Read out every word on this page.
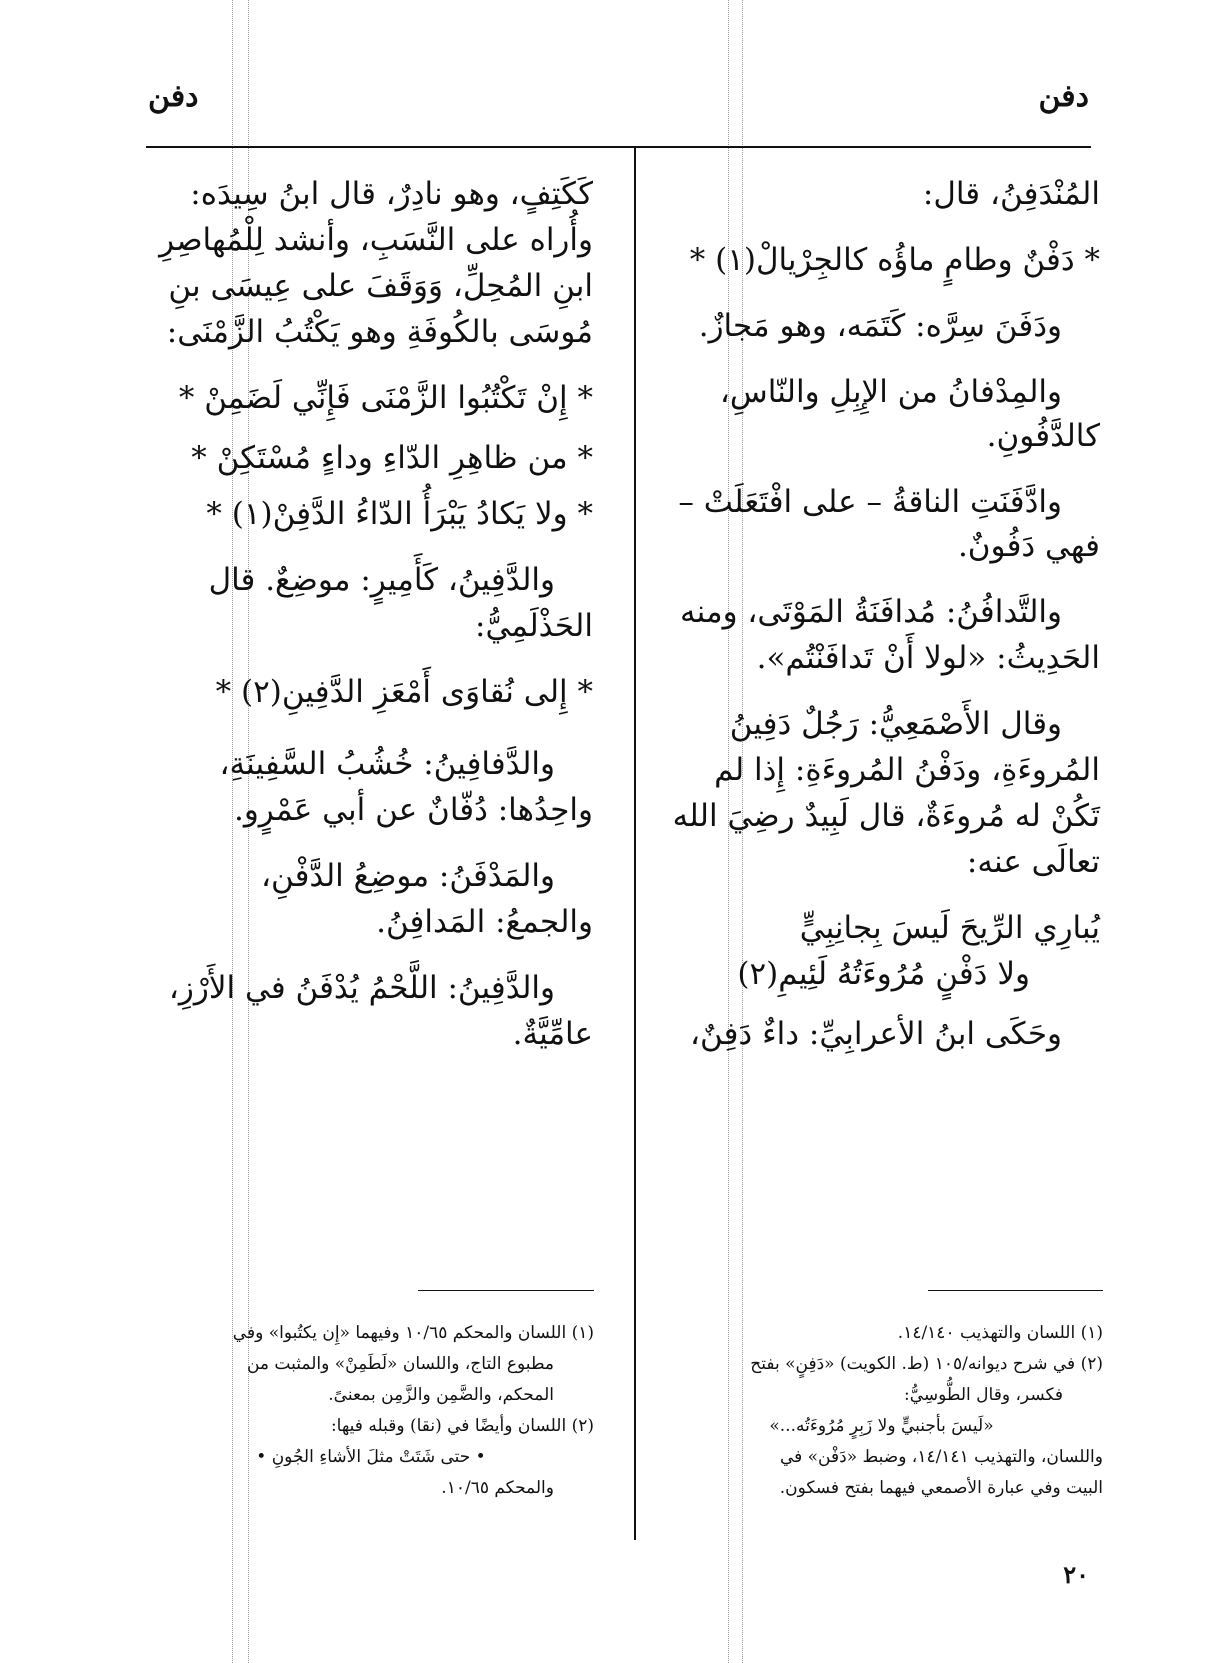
دفن	دفن

المُنْدَفِنُ، قال:

* دَفْنٌ وطامٍ ماؤُه كالجِرْيالْ(١) *

ودَفَنَ سِرَّه: كَتَمَه، وهو مَجازٌ.

والمِدْفانُ من الإِبِلِ والنّاسِ،

كالدَّفُونِ.

وادَّفَنَتِ الناقةُ – على افْتَعَلَتْ –

فهي دَفُونٌ.

والتَّدافُنُ: مُدافَنَةُ المَوْتَى، ومنه

الحَدِيثُ: «لولا أَنْ تَدافَنْتُم».

وقال الأَصْمَعِيُّ: رَجُلٌ دَفِينُ

المُروءَةِ، ودَفْنُ المُروءَةِ: إِذا لم

تَكُنْ له مُروءَةٌ، قال لَبِيدٌ رضِيَ الله

تعالَى عنه:

يُبارِي الرِّيحَ لَيسَ بِجانِبِيٍّ

ولا دَفْنٍ مُرُوءَتُهُ لَئِيمِ(٢)

وحَكَى ابنُ الأعرابِيِّ: داءٌ دَفِنٌ،

كَكَتِفٍ، وهو نادِرٌ، قال ابنُ سِيدَه:

وأُراه على النَّسَبِ، وأنشد لِلْمُهاصِرِ

ابنِ المُحِلِّ، وَوَقَفَ على عِيسَى بنِ

مُوسَى بالكُوفَةِ وهو يَكْتُبُ الزَّمْنَى:

* إِنْ تَكْتُبُوا الزَّمْنَى فَإِنِّي لَضَمِنْ *

* من ظاهِرِ الدّاءِ وداءٍ مُسْتَكِنْ *

* ولا يَكادُ يَبْرَأُ الدّاءُ الدَّفِنْ(١) *

والدَّفِينُ، كَأَمِيرٍ: موضِعٌ. قال

الحَذْلَمِيُّ:

* إِلى نُقاوَى أَمْعَزِ الدَّفِينِ(٢) *

والدَّفافِينُ: خُشُبُ السَّفِينَةِ،

واحِدُها: دُفّانٌ عن أبي عَمْرٍو.

والمَدْفَنُ: موضِعُ الدَّفْنِ،

والجمعُ: المَدافِنُ.

والدَّفِينُ: اللَّحْمُ يُدْفَنُ في الأَرْزِ،

عامِّيَّةٌ.

(١) اللسان والتهذيب ١٤/١٤٠.

(٢) في شرح ديوانه/١٠٥ (ط. الكويت) «دَفِنٍ» بفتح

فكسر، وقال الطُّوسِيُّ:

«لَيسَ بأجنبيٍّ ولا زَبِرٍ مُرُوءَتُه...»

واللسان، والتهذيب ١٤/١٤١، وضبط «دَفْن» في

البيت وفي عبارة الأصمعي فيهما بفتح فسكون.

(١) اللسان والمحكم ١٠/٦٥ وفيهما «إِن يكتُبوا» وفي

مطبوع التاج، واللسان «لَطَمِنْ» والمثبت من

المحكم، والضَّمِن والزَّمِن بمعنىً.

(٢) اللسان وأيضًا في (نقا) وقبله فيها:

• حتى شَتَتْ مثلَ الأشاءِ الجُونِ •

والمحكم ١٠/٦٥.

٢٠
